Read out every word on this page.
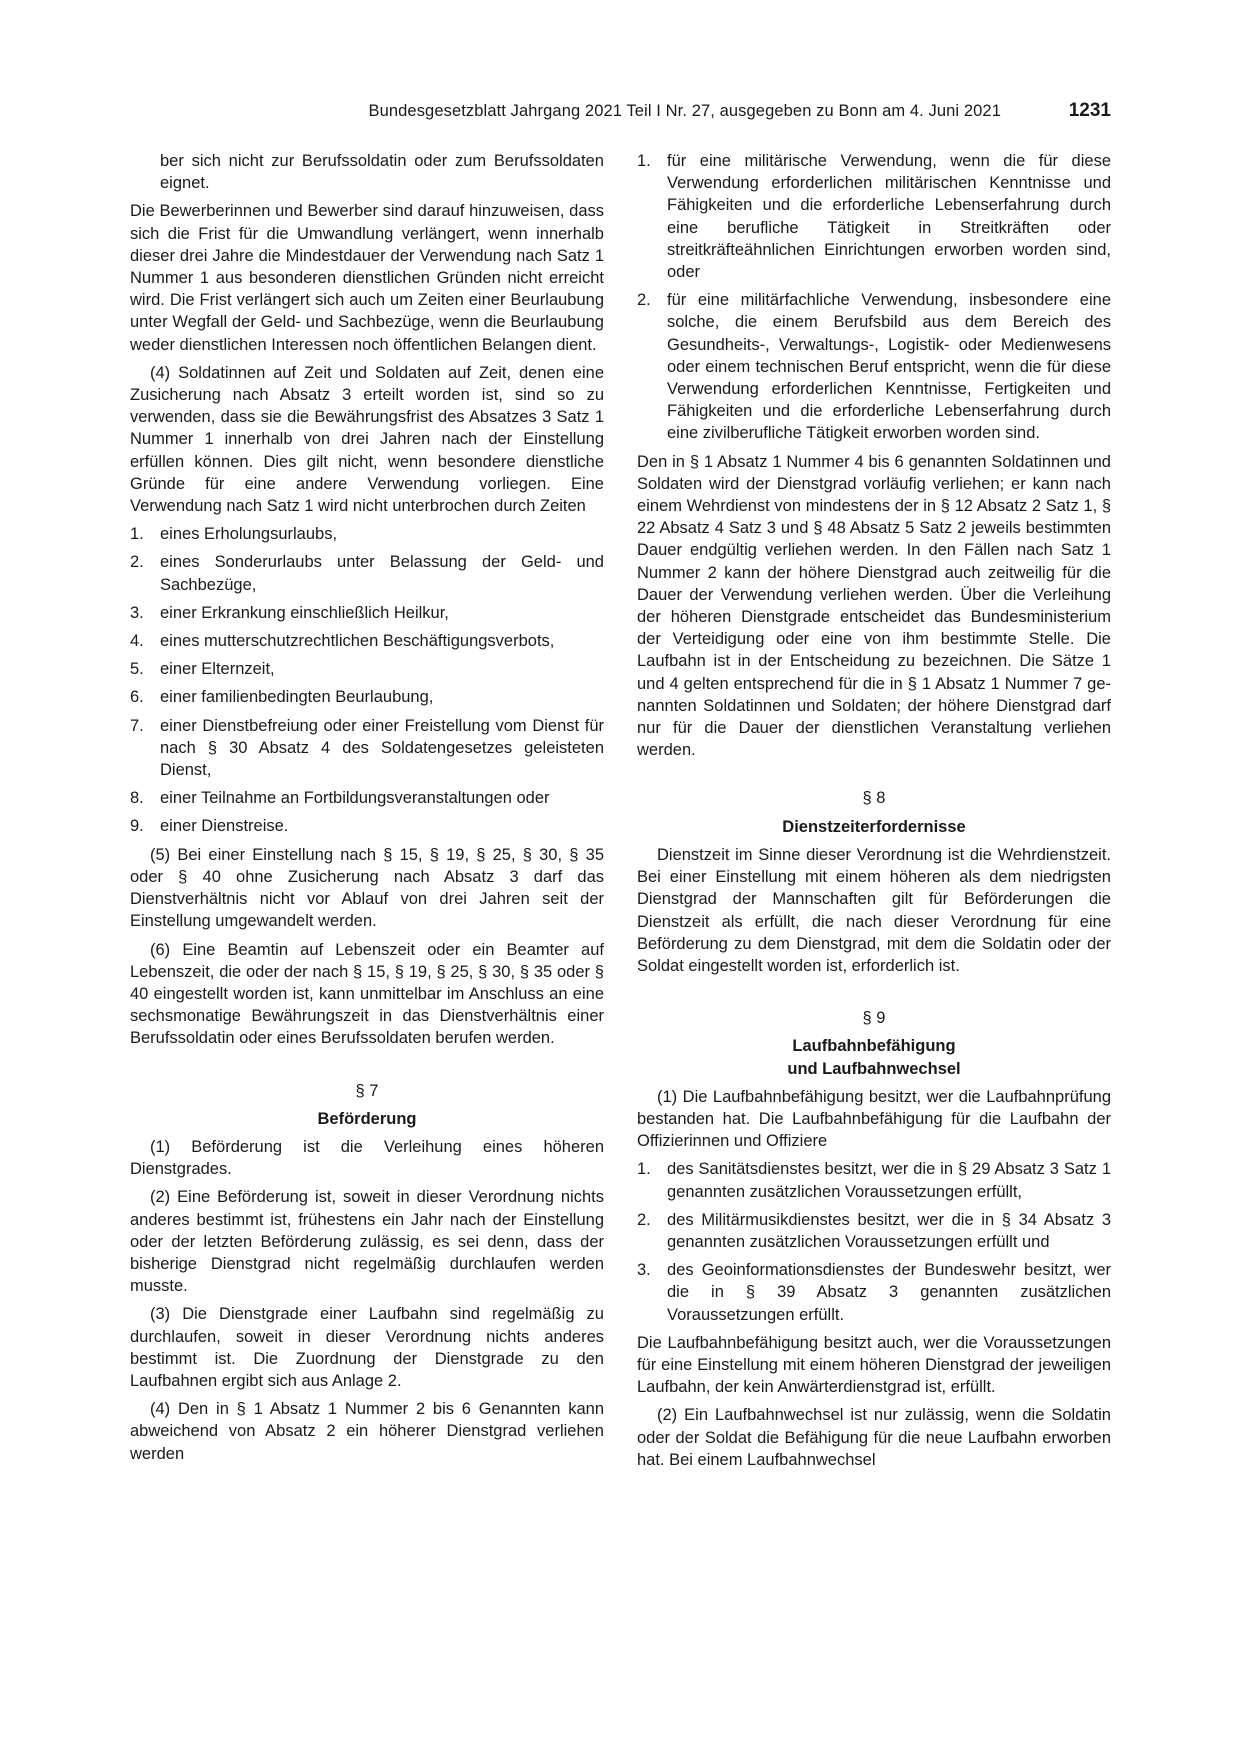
Bundesgesetzblatt Jahrgang 2021 Teil I Nr. 27, ausgegeben zu Bonn am 4. Juni 2021	1231

ber sich nicht zur Berufssoldatin oder zum Berufssoldaten eignet.

Die Bewerberinnen und Bewerber sind darauf hinzuweisen, dass sich die Frist für die Umwandlung verlängert, wenn innerhalb dieser drei Jahre die Mindestdauer der Verwendung nach Satz 1 Nummer 1 aus besonderen dienstlichen Gründen nicht erreicht wird. Die Frist verlängert sich auch um Zeiten einer Beurlaubung unter Wegfall der Geld- und Sachbezüge, wenn die Beurlaubung weder dienstlichen Interessen noch öffentlichen Belangen dient.

(4) Soldatinnen auf Zeit und Soldaten auf Zeit, denen eine Zusicherung nach Absatz 3 erteilt worden ist, sind so zu verwenden, dass sie die Bewährungsfrist des Absatzes 3 Satz 1 Nummer 1 innerhalb von drei Jahren nach der Einstellung erfüllen können. Dies gilt nicht, wenn besondere dienstliche Gründe für eine andere Verwendung vorliegen. Eine Verwendung nach Satz 1 wird nicht unterbrochen durch Zeiten

1. eines Erholungsurlaubs,
2. eines Sonderurlaubs unter Belassung der Geld- und Sachbezüge,
3. einer Erkrankung einschließlich Heilkur,
4. eines mutterschutzrechtlichen Beschäftigungsverbots,
5. einer Elternzeit,
6. einer familienbedingten Beurlaubung,
7. einer Dienstbefreiung oder einer Freistellung vom Dienst für nach § 30 Absatz 4 des Soldatengesetzes geleisteten Dienst,
8. einer Teilnahme an Fortbildungsveranstaltungen oder
9. einer Dienstreise.

(5) Bei einer Einstellung nach § 15, § 19, § 25, § 30, § 35 oder § 40 ohne Zusicherung nach Absatz 3 darf das Dienstverhältnis nicht vor Ablauf von drei Jahren seit der Einstellung umgewandelt werden.

(6) Eine Beamtin auf Lebenszeit oder ein Beamter auf Lebenszeit, die oder der nach § 15, § 19, § 25, § 30, § 35 oder § 40 eingestellt worden ist, kann unmittelbar im Anschluss an eine sechsmonatige Bewährungszeit in das Dienstverhältnis einer Berufssoldatin oder eines Berufssoldaten berufen werden.

§ 7
Beförderung

(1) Beförderung ist die Verleihung eines höheren Dienstgrades.

(2) Eine Beförderung ist, soweit in dieser Verordnung nichts anderes bestimmt ist, frühestens ein Jahr nach der Einstellung oder der letzten Beförderung zulässig, es sei denn, dass der bisherige Dienstgrad nicht regelmäßig durchlaufen werden musste.

(3) Die Dienstgrade einer Laufbahn sind regelmäßig zu durchlaufen, soweit in dieser Verordnung nichts anderes bestimmt ist. Die Zuordnung der Dienstgrade zu den Laufbahnen ergibt sich aus Anlage 2.

(4) Den in § 1 Absatz 1 Nummer 2 bis 6 Genannten kann abweichend von Absatz 2 ein höherer Dienstgrad verliehen werden

1. für eine militärische Verwendung, wenn die für diese Verwendung erforderlichen militärischen Kenntnisse und Fähigkeiten und die erforderliche Lebenserfahrung durch eine berufliche Tätigkeit in Streitkräften oder streitkräfteähnlichen Einrichtungen erworben worden sind, oder
2. für eine militärfachliche Verwendung, insbesondere eine solche, die einem Berufsbild aus dem Bereich des Gesundheits-, Verwaltungs-, Logistik- oder Medienwesens oder einem technischen Beruf entspricht, wenn die für diese Verwendung erforderlichen Kenntnisse, Fertigkeiten und Fähigkeiten und die erforderliche Lebenserfahrung durch eine zivilberufliche Tätigkeit erworben worden sind.

Den in § 1 Absatz 1 Nummer 4 bis 6 genannten Soldatinnen und Soldaten wird der Dienstgrad vorläufig verliehen; er kann nach einem Wehrdienst von mindestens der in § 12 Absatz 2 Satz 1, § 22 Absatz 4 Satz 3 und § 48 Absatz 5 Satz 2 jeweils bestimmten Dauer endgültig verliehen werden. In den Fällen nach Satz 1 Nummer 2 kann der höhere Dienstgrad auch zeitweilig für die Dauer der Verwendung verliehen werden. Über die Verleihung der höheren Dienstgrade entscheidet das Bundesministerium der Verteidigung oder eine von ihm bestimmte Stelle. Die Laufbahn ist in der Entscheidung zu bezeichnen. Die Sätze 1 und 4 gelten entsprechend für die in § 1 Absatz 1 Nummer 7 genannten Soldatinnen und Soldaten; der höhere Dienstgrad darf nur für die Dauer der dienstlichen Veranstaltung verliehen werden.

§ 8
Dienstzeiterfordernisse

Dienstzeit im Sinne dieser Verordnung ist die Wehrdienstzeit. Bei einer Einstellung mit einem höheren als dem niedrigsten Dienstgrad der Mannschaften gilt für Beförderungen die Dienstzeit als erfüllt, die nach dieser Verordnung für eine Beförderung zu dem Dienstgrad, mit dem die Soldatin oder der Soldat eingestellt worden ist, erforderlich ist.

§ 9
Laufbahnbefähigung
und Laufbahnwechsel

(1) Die Laufbahnbefähigung besitzt, wer die Laufbahnprüfung bestanden hat. Die Laufbahnbefähigung für die Laufbahn der Offizierinnen und Offiziere

1. des Sanitätsdienstes besitzt, wer die in § 29 Absatz 3 Satz 1 genannten zusätzlichen Voraussetzungen erfüllt,
2. des Militärmusikdienstes besitzt, wer die in § 34 Absatz 3 genannten zusätzlichen Voraussetzungen erfüllt und
3. des Geoinformationsdienstes der Bundeswehr besitzt, wer die in § 39 Absatz 3 genannten zusätzlichen Voraussetzungen erfüllt.

Die Laufbahnbefähigung besitzt auch, wer die Voraussetzungen für eine Einstellung mit einem höheren Dienstgrad der jeweiligen Laufbahn, der kein Anwärterdienstgrad ist, erfüllt.

(2) Ein Laufbahnwechsel ist nur zulässig, wenn die Soldatin oder der Soldat die Befähigung für die neue Laufbahn erworben hat. Bei einem Laufbahnwechsel
